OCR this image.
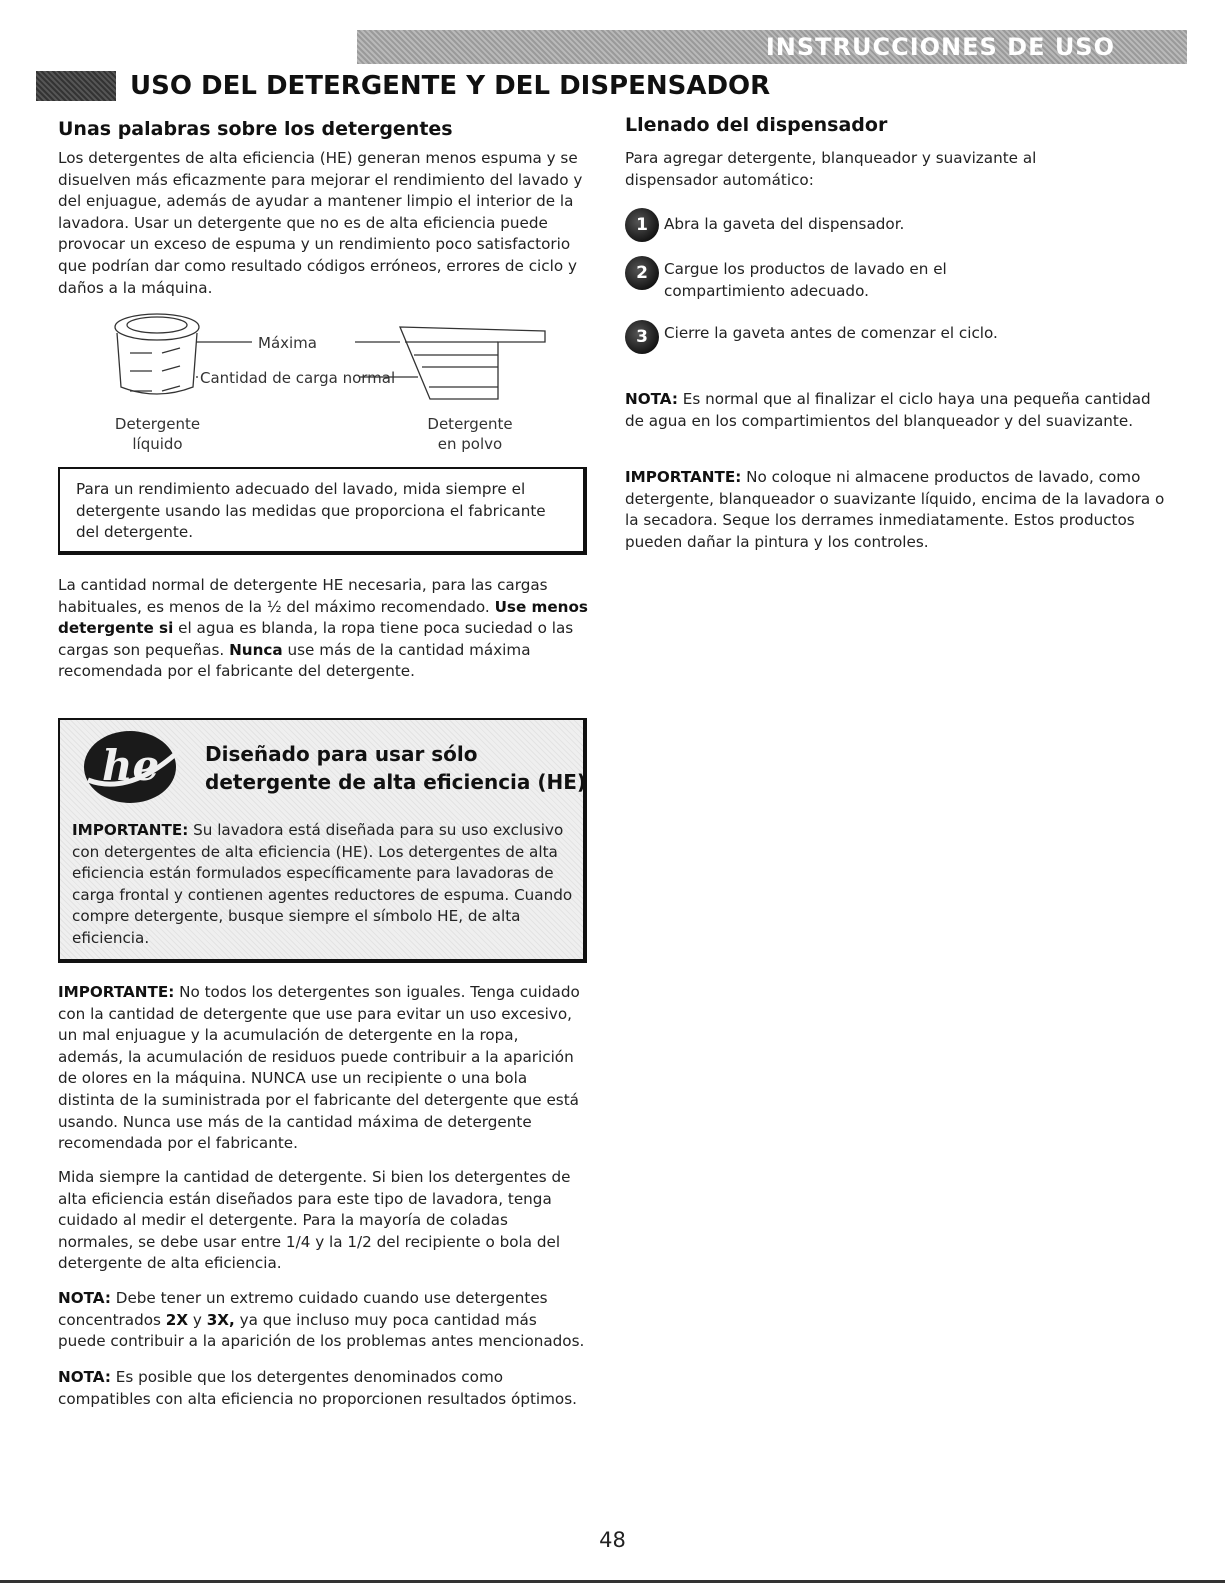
INSTRUCCIONES DE USO
USO DEL DETERGENTE Y DEL DISPENSADOR
Unas palabras sobre los detergentes

Los detergentes de alta eficiencia (HE) generan menos espuma y se disuelven más eficazmente para mejorar el rendimiento del lavado y del enjuague, además de ayudar a mantener limpio el interior de la lavadora. Usar un detergente que no es de alta eficiencia puede provocar un exceso de espuma y un rendimiento poco satisfactorio que podrían dar como resultado códigos erróneos, errores de ciclo y daños a la máquina.

Máxima
Cantidad de carga normal
Detergente
líquido
Detergente
en polvo

Para un rendimiento adecuado del lavado, mida siempre el detergente usando las medidas que proporciona el fabricante del detergente.

La cantidad normal de detergente HE necesaria, para las cargas habituales, es menos de la ½ del máximo recomendado. Use menos detergente si el agua es blanda, la ropa tiene poca suciedad o las cargas son pequeñas. Nunca use más de la cantidad máxima recomendada por el fabricante del detergente.

he Diseñado para usar sólo
detergente de alta eficiencia (HE)

IMPORTANTE: Su lavadora está diseñada para su uso exclusivo con detergentes de alta eficiencia (HE). Los detergentes de alta eficiencia están formulados específicamente para lavadoras de carga frontal y contienen agentes reductores de espuma. Cuando compre detergente, busque siempre el símbolo HE, de alta eficiencia.

IMPORTANTE: No todos los detergentes son iguales. Tenga cuidado con la cantidad de detergente que use para evitar un uso excesivo, un mal enjuague y la acumulación de detergente en la ropa, además, la acumulación de residuos puede contribuir a la aparición de olores en la máquina. NUNCA use un recipiente o una bola distinta de la suministrada por el fabricante del detergente que está usando. Nunca use más de la cantidad máxima de detergente recomendada por el fabricante.

Mida siempre la cantidad de detergente. Si bien los detergentes de alta eficiencia están diseñados para este tipo de lavadora, tenga cuidado al medir el detergente. Para la mayoría de coladas normales, se debe usar entre 1/4 y la 1/2 del recipiente o bola del detergente de alta eficiencia.

NOTA: Debe tener un extremo cuidado cuando use detergentes concentrados 2X y 3X, ya que incluso muy poca cantidad más puede contribuir a la aparición de los problemas antes mencionados.

NOTA: Es posible que los detergentes denominados como compatibles con alta eficiencia no proporcionen resultados óptimos.

Llenado del dispensador

Para agregar detergente, blanqueador y suavizante al dispensador automático:

1	Abra la gaveta del dispensador.
2	Cargue los productos de lavado en el compartimiento adecuado.
3	Cierre la gaveta antes de comenzar el ciclo.

NOTA: Es normal que al finalizar el ciclo haya una pequeña cantidad de agua en los compartimientos del blanqueador y del suavizante.

IMPORTANTE: No coloque ni almacene productos de lavado, como detergente, blanqueador o suavizante líquido, encima de la lavadora o la secadora. Seque los derrames inmediatamente. Estos productos pueden dañar la pintura y los controles.

48
